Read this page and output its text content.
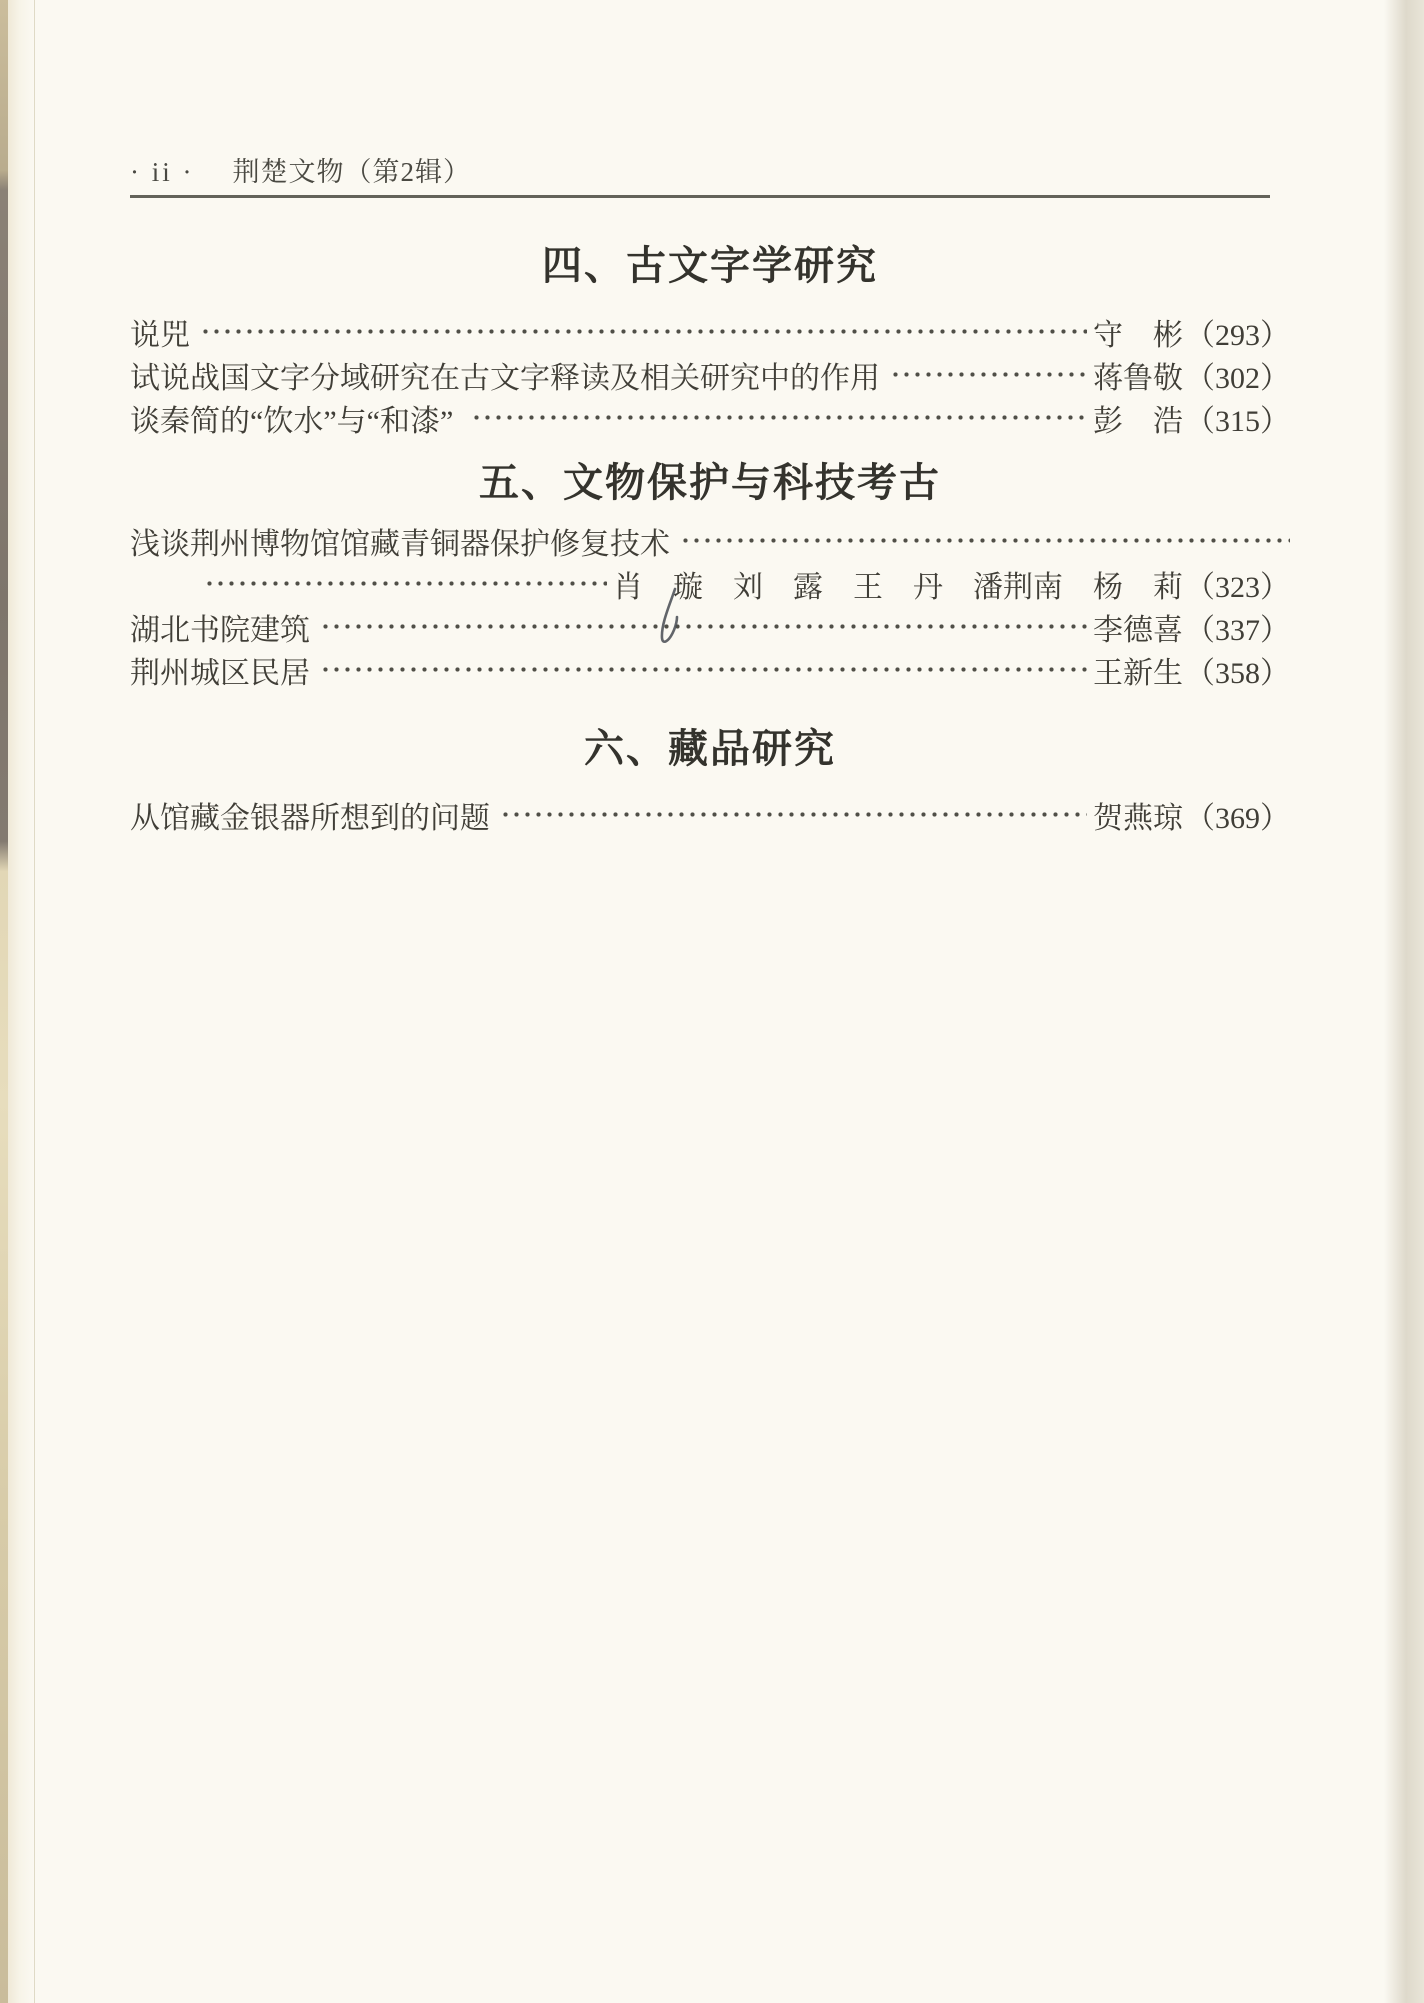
· ii · 荆楚文物（第2辑）
四、古文字学研究
说兕	守　彬 （293）
试说战国文字分域研究在古文字释读及相关研究中的作用	蒋鲁敬 （302）
谈秦简的“饮水”与“和漆”	彭　浩 （315）
五、文物保护与科技考古
浅谈荆州博物馆馆藏青铜器保护修复技术
肖　璇　刘　露　王　丹　潘荆南　杨　莉 （323）
湖北书院建筑	李德喜 （337）
荆州城区民居	王新生 （358）
六、藏品研究
从馆藏金银器所想到的问题	贺燕琼 （369）
